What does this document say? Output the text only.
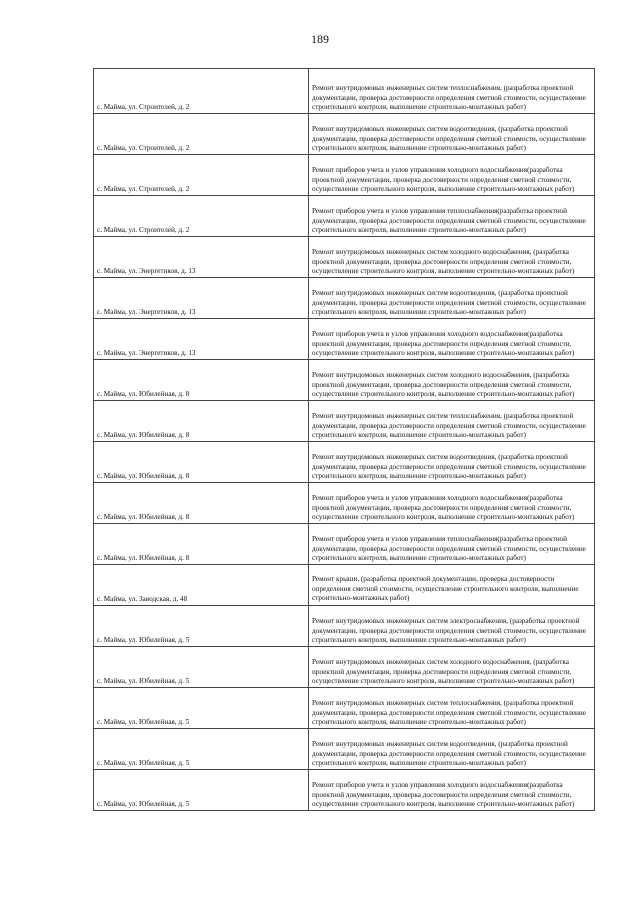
189
с. Майма, ул. Строителей, д. 2	Ремонт внутридомовых инженерных систем теплоснабжения, (разработка проектной документации, проверка достоверности определения сметной стоимости, осуществление строительного контроля, выполнение строительно-монтажных работ)
с. Майма, ул. Строителей, д. 2	Ремонт внутридомовых инженерных систем водоотведения, (разработка проектной документации, проверка достоверности определения сметной стоимости, осуществление строительного контроля, выполнение строительно-монтажных работ)
с. Майма, ул. Строителей, д. 2	Ремонт приборов учета и узлов управления холодного водоснабжения(разработка проектной документации, проверка достоверности определения сметной стоимости, осуществление строительного контроля, выполнение строительно-монтажных работ)
с. Майма, ул. Строителей, д. 2	Ремонт приборов учета и узлов управления теплоснабжения(разработка проектной документации, проверка достоверности определения сметной стоимости, осуществление строительного контроля, выполнение строительно-монтажных работ)
с. Майма, ул. Энергетиков, д. 13	Ремонт внутридомовых инженерных систем холодного водоснабжения, (разработка проектной документации, проверка достоверности определения сметной стоимости, осуществление строительного контроля, выполнение строительно-монтажных работ)
с. Майма, ул. Энергетиков, д. 13	Ремонт внутридомовых инженерных систем водоотведения, (разработка проектной документации, проверка достоверности определения сметной стоимости, осуществление строительного контроля, выполнение строительно-монтажных работ)
с. Майма, ул. Энергетиков, д. 13	Ремонт приборов учета и узлов управления холодного водоснабжения(разработка проектной документации, проверка достоверности определения сметной стоимости, осуществление строительного контроля, выполнение строительно-монтажных работ)
с. Майма, ул. Юбилейная, д. 8	Ремонт внутридомовых инженерных систем холодного водоснабжения, (разработка проектной документации, проверка достоверности определения сметной стоимости, осуществление строительного контроля, выполнение строительно-монтажных работ)
с. Майма, ул. Юбилейная, д. 8	Ремонт внутридомовых инженерных систем теплоснабжения, (разработка проектной документации, проверка достоверности определения сметной стоимости, осуществление строительного контроля, выполнение строительно-монтажных работ)
с. Майма, ул. Юбилейная, д. 8	Ремонт внутридомовых инженерных систем водоотведения, (разработка проектной документации, проверка достоверности определения сметной стоимости, осуществление строительного контроля, выполнение строительно-монтажных работ)
с. Майма, ул. Юбилейная, д. 8	Ремонт приборов учета и узлов управления холодного водоснабжения(разработка проектной документации, проверка достоверности определения сметной стоимости, осуществление строительного контроля, выполнение строительно-монтажных работ)
с. Майма, ул. Юбилейная, д. 8	Ремонт приборов учета и узлов управления теплоснабжения(разработка проектной документации, проверка достоверности определения сметной стоимости, осуществление строительного контроля, выполнение строительно-монтажных работ)
с. Майма, ул. Заводская, д. 48	Ремонт крыши, (разработка проектной документации, проверка достоверности определения сметной стоимости, осуществление строительного контроля, выполнение строительно-монтажных работ)
с. Майма, ул. Юбилейная, д. 5	Ремонт внутридомовых инженерных систем электроснабжения, (разработка проектной документации, проверка достоверности определения сметной стоимости, осуществление строительного контроля, выполнение строительно-монтажных работ)
с. Майма, ул. Юбилейная, д. 5	Ремонт внутридомовых инженерных систем холодного водоснабжения, (разработка проектной документации, проверка достоверности определения сметной стоимости, осуществление строительного контроля, выполнение строительно-монтажных работ)
с. Майма, ул. Юбилейная, д. 5	Ремонт внутридомовых инженерных систем теплоснабжения, (разработка проектной документации, проверка достоверности определения сметной стоимости, осуществление строительного контроля, выполнение строительно-монтажных работ)
с. Майма, ул. Юбилейная, д. 5	Ремонт внутридомовых инженерных систем водоотведения, (разработка проектной документации, проверка достоверности определения сметной стоимости, осуществление строительного контроля, выполнение строительно-монтажных работ)
с. Майма, ул. Юбилейная, д. 5	Ремонт приборов учета и узлов управления холодного водоснабжения(разработка проектной документации, проверка достоверности определения сметной стоимости, осуществление строительного контроля, выполнение строительно-монтажных работ)
